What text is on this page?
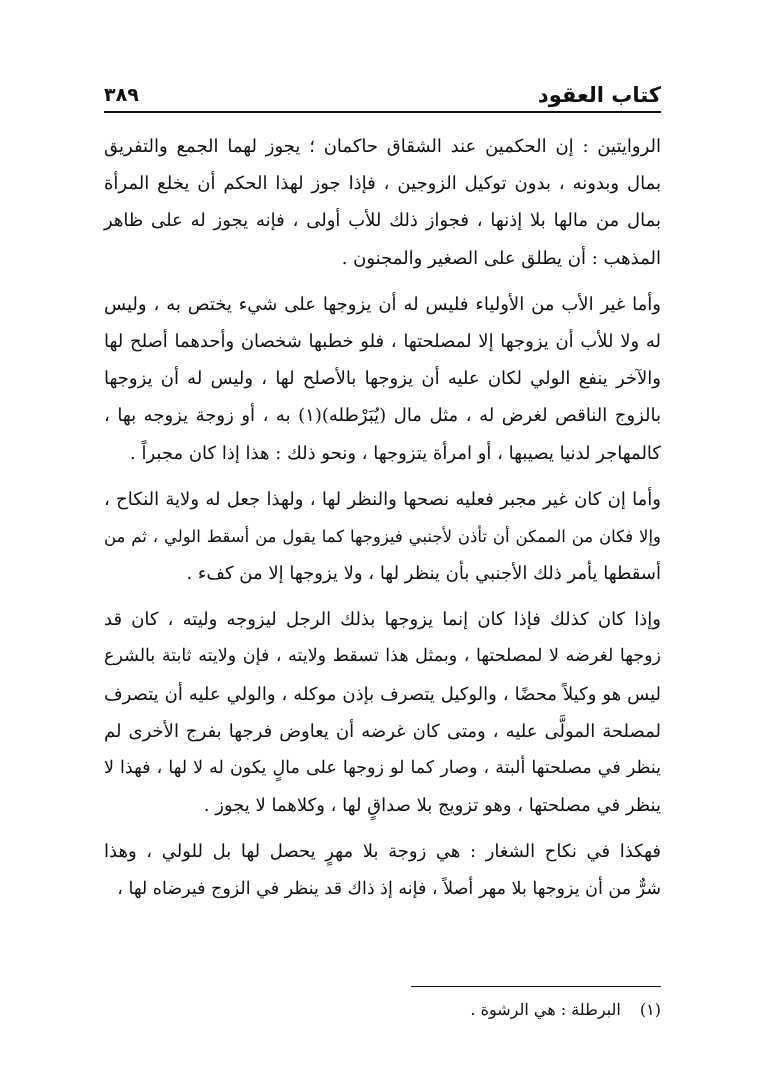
كتاب العقود
٣٨٩
الروايتين : إن الحكمين عند الشقاق حاكمان ؛ يجوز لهما الجمع والتفريق
بمال وبدونه ، بدون توكيل الزوجين ، فإذا جوز لهذا الحكم أن يخلع المرأة
بمال من مالها بلا إذنها ، فجواز ذلك للأب أولى ، فإنه يجوز له على ظاهر
المذهب : أن يطلق على الصغير والمجنون .
وأما غير الأب من الأولياء فليس له أن يزوجها على شيء يختص به ، وليس
له ولا للأب أن يزوجها إلا لمصلحتها ، فلو خطبها شخصان وأحدهما أصلح لها
والآخر ينفع الولي لكان عليه أن يزوجها بالأصلح لها ، وليس له أن يزوجها
بالزوج الناقص لغرض له ، مثل مال (يُبَرْطله)(١) به ، أو زوجة يزوجه بها ،
كالمهاجر لدنيا يصيبها ، أو امرأة يتزوجها ، ونحو ذلك : هذا إذا كان مجبراً .
وأما إن كان غير مجبر فعليه نصحها والنظر لها ، ولهذا جعل له ولاية النكاح ،
وإلا فكان من الممكن أن تأذن لأجنبي فيزوجها كما يقول من أسقط الولي ، ثم من
أسقطها يأمر ذلك الأجنبي بأن ينظر لها ، ولا يزوجها إلا من كفء .
وإذا كان كذلك فإذا كان إنما يزوجها بذلك الرجل ليزوجه وليته ، كان قد
زوجها لغرضه لا لمصلحتها ، وبمثل هذا تسقط ولايته ، فإن ولايته ثابتة بالشرع
ليس هو وكيلاً محضًا ، والوكيل يتصرف بإذن موكله ، والولي عليه أن يتصرف
لمصلحة المولَّى عليه ، ومتى كان غرضه أن يعاوض فرجها بفرج الأخرى لم
ينظر في مصلحتها ألبتة ، وصار كما لو زوجها على مالٍ يكون له لا لها ، فهذا لا
ينظر في مصلحتها ، وهو تزويج بلا صداقٍ لها ، وكلاهما لا يجوز .
فهكذا في نكاح الشغار : هي زوجة بلا مهرٍ يحصل لها بل للولي ، وهذا
شرٌّ من أن يزوجها بلا مهر أصلاً ، فإنه إذ ذاك قد ينظر في الزوج فيرضاه لها ،
(١) البرطلة : هي الرشوة .
